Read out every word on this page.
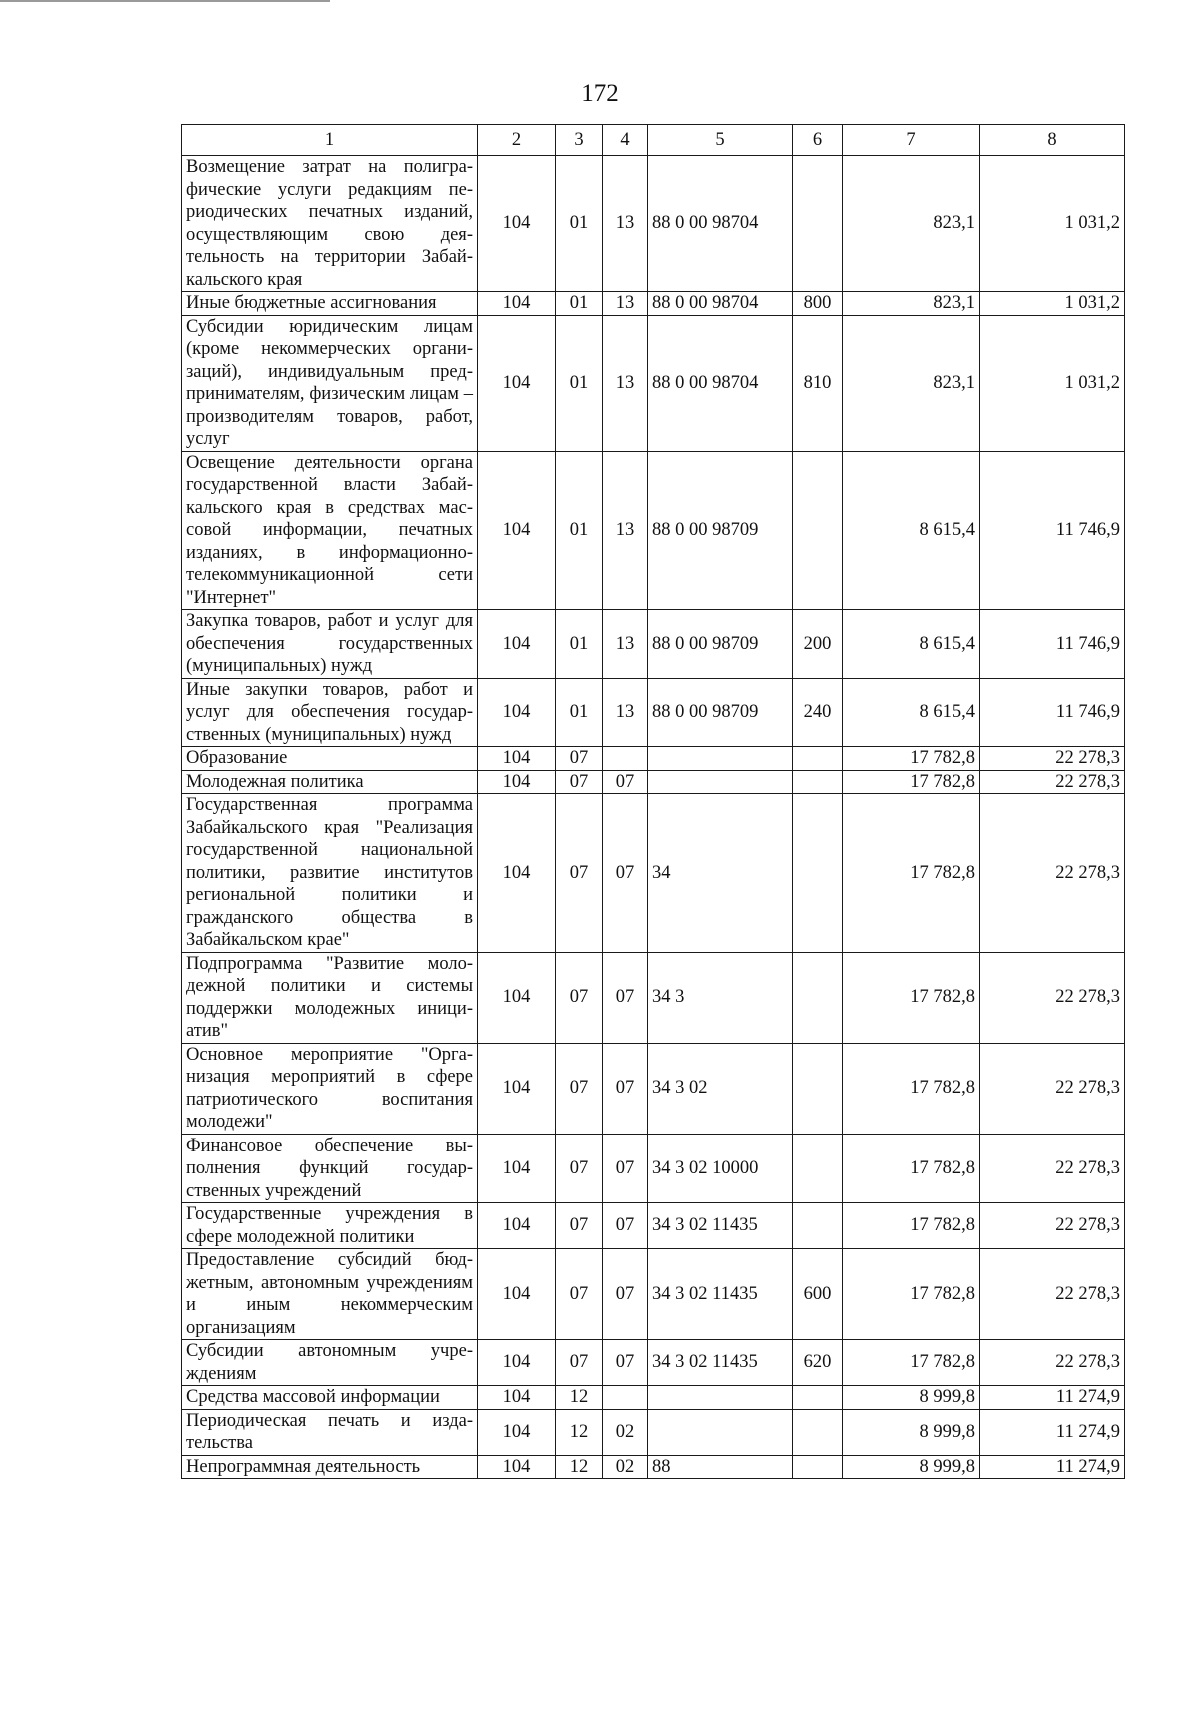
172
1	2	3	4	5	6	7	8
Возмещение затрат на полиграфические услуги редакциям периодических печатных изданий, осуществляющим свою деятельность на территории Забайкальского края	104	01	13	88 0 00 98704		823,1	1 031,2
Иные бюджетные ассигнования	104	01	13	88 0 00 98704	800	823,1	1 031,2
Субсидии юридическим лицам (кроме некоммерческих организаций), индивидуальным предпринимателям, физическим лицам – производителям товаров, работ, услуг	104	01	13	88 0 00 98704	810	823,1	1 031,2
Освещение деятельности органа государственной власти Забайкальского края в средствах массовой информации, печатных изданиях, в информационно-телекоммуникационной сети "Интернет"	104	01	13	88 0 00 98709		8 615,4	11 746,9
Закупка товаров, работ и услуг для обеспечения государственных (муниципальных) нужд	104	01	13	88 0 00 98709	200	8 615,4	11 746,9
Иные закупки товаров, работ и услуг для обеспечения государственных (муниципальных) нужд	104	01	13	88 0 00 98709	240	8 615,4	11 746,9
Образование	104	07				17 782,8	22 278,3
Молодежная политика	104	07	07			17 782,8	22 278,3
Государственная программа Забайкальского края "Реализация государственной национальной политики, развитие институтов региональной политики и гражданского общества в Забайкальском крае"	104	07	07	34		17 782,8	22 278,3
Подпрограмма "Развитие молодежной политики и системы поддержки молодежных инициатив"	104	07	07	34 3		17 782,8	22 278,3
Основное мероприятие "Организация мероприятий в сфере патриотического воспитания молодежи"	104	07	07	34 3 02		17 782,8	22 278,3
Финансовое обеспечение выполнения функций государственных учреждений	104	07	07	34 3 02 10000		17 782,8	22 278,3
Государственные учреждения в сфере молодежной политики	104	07	07	34 3 02 11435		17 782,8	22 278,3
Предоставление субсидий бюджетным, автономным учреждениям и иным некоммерческим организациям	104	07	07	34 3 02 11435	600	17 782,8	22 278,3
Субсидии автономным учреждениям	104	07	07	34 3 02 11435	620	17 782,8	22 278,3
Средства массовой информации	104	12				8 999,8	11 274,9
Периодическая печать и издательства	104	12	02			8 999,8	11 274,9
Непрограммная деятельность	104	12	02	88		8 999,8	11 274,9
